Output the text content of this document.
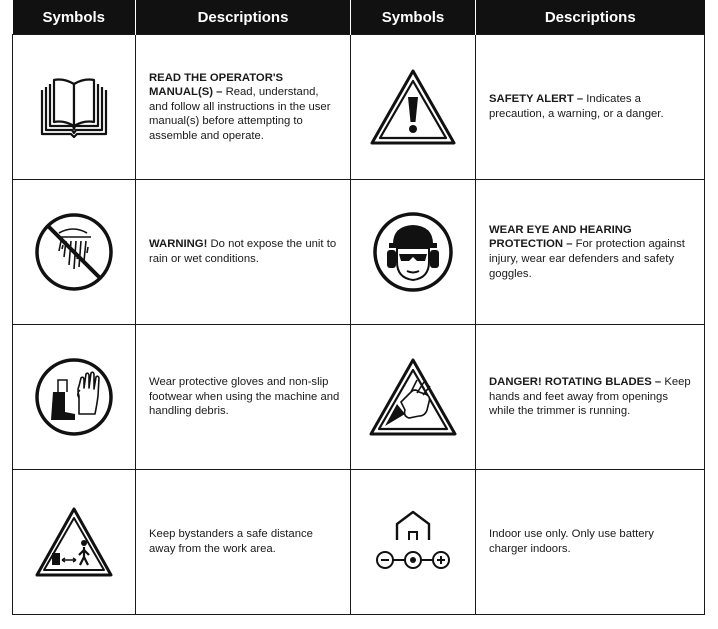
Symbols	Descriptions	Symbols	Descriptions

	READ THE OPERATOR'S MANUAL(S) – Read, understand, and follow all instructions in the user manual(s) before attempting to assemble and operate.		SAFETY ALERT – Indicates a precaution, a warning, or a danger.

	WARNING! Do not expose the unit to rain or wet conditions.		WEAR EYE AND HEARING PROTECTION – For protection against injury, wear ear defenders and safety goggles.

	Wear protective gloves and non-slip footwear when using the machine and handling debris.		DANGER! ROTATING BLADES – Keep hands and feet away from openings while the trimmer is running.

	Keep bystanders a safe distance away from the work area.		Indoor use only. Only use battery charger indoors.
